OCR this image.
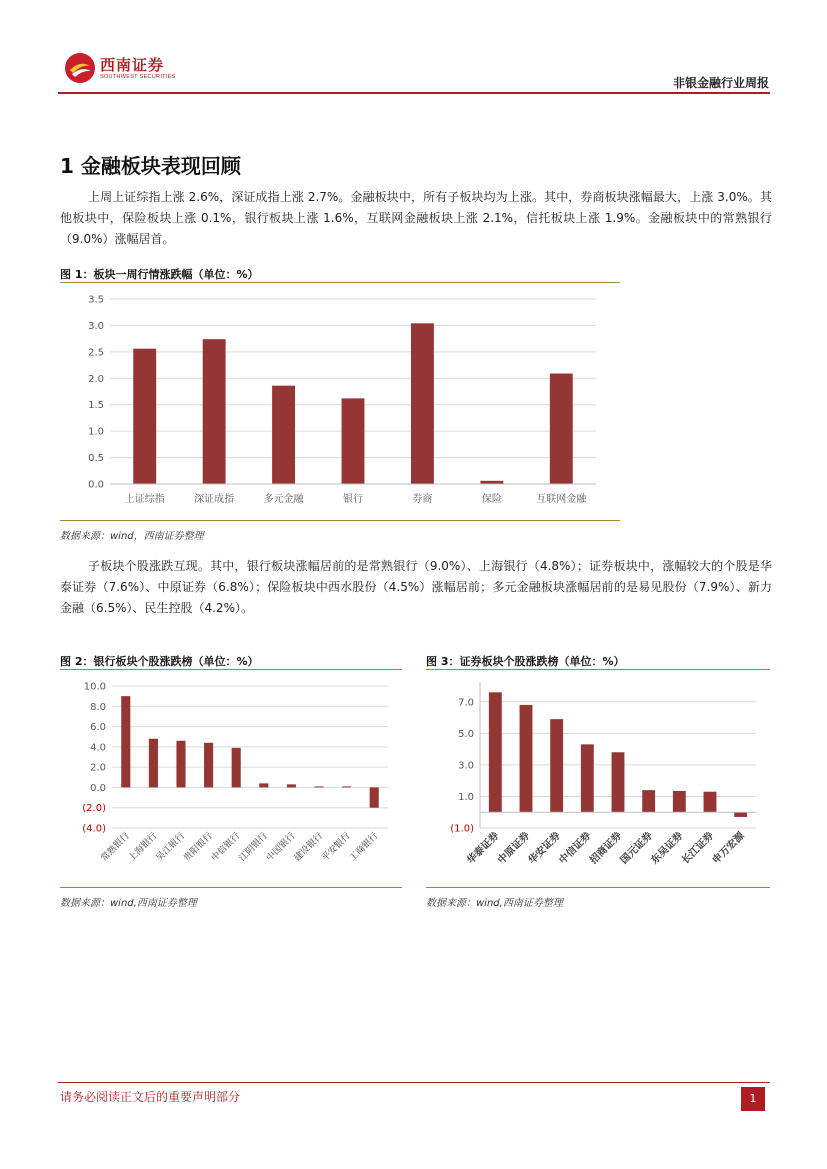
西南证券
SOUTHWEST SECURITIES	非银金融行业周报
1 金融板块表现回顾
上周上证综指上涨 2.6%，深证成指上涨 2.7%。金融板块中，所有子板块均为上涨。其中，券商板块涨幅最大，上涨 3.0%。其他板块中，保险板块上涨 0.1%，银行板块上涨 1.6%，互联网金融板块上涨 2.1%，信托板块上涨 1.9%。金融板块中的常熟银行（9.0%）涨幅居首。
图 1：板块一周行情涨跌幅（单位：%）
0.0
0.5
1.0
1.5
2.0
2.5
3.0
3.5
上证综指	深证成指	多元金融	银行	券商	保险	互联网金融
数据来源：wind，西南证券整理
子板块个股涨跌互现。其中，银行板块涨幅居前的是常熟银行（9.0%）、上海银行（4.8%）；证券板块中，涨幅较大的个股是华泰证券（7.6%）、中原证券（6.8%）；保险板块中西水股份（4.5%）涨幅居前；多元金融板块涨幅居前的是易见股份（7.9%）、新力金融（6.5%）、民生控股（4.2%）。
图 2：银行板块个股涨跌榜（单位：%）
(4.0)
(2.0)
0.0
2.0
4.0
6.0
8.0
10.0
常熟银行
上海银行
吴江银行
贵阳银行
中信银行
江阴银行
中国银行
建设银行
平安银行
工商银行
数据来源：wind,西南证券整理
图 3：证券板块个股涨跌榜（单位：%）
(1.0)
1.0
3.0
5.0
7.0
华泰证券
中原证券
华安证券
中信证券
招商证券
国元证券
东吴证券
长江证券
申万宏源
数据来源：wind,西南证券整理
请务必阅读正文后的重要声明部分	1
